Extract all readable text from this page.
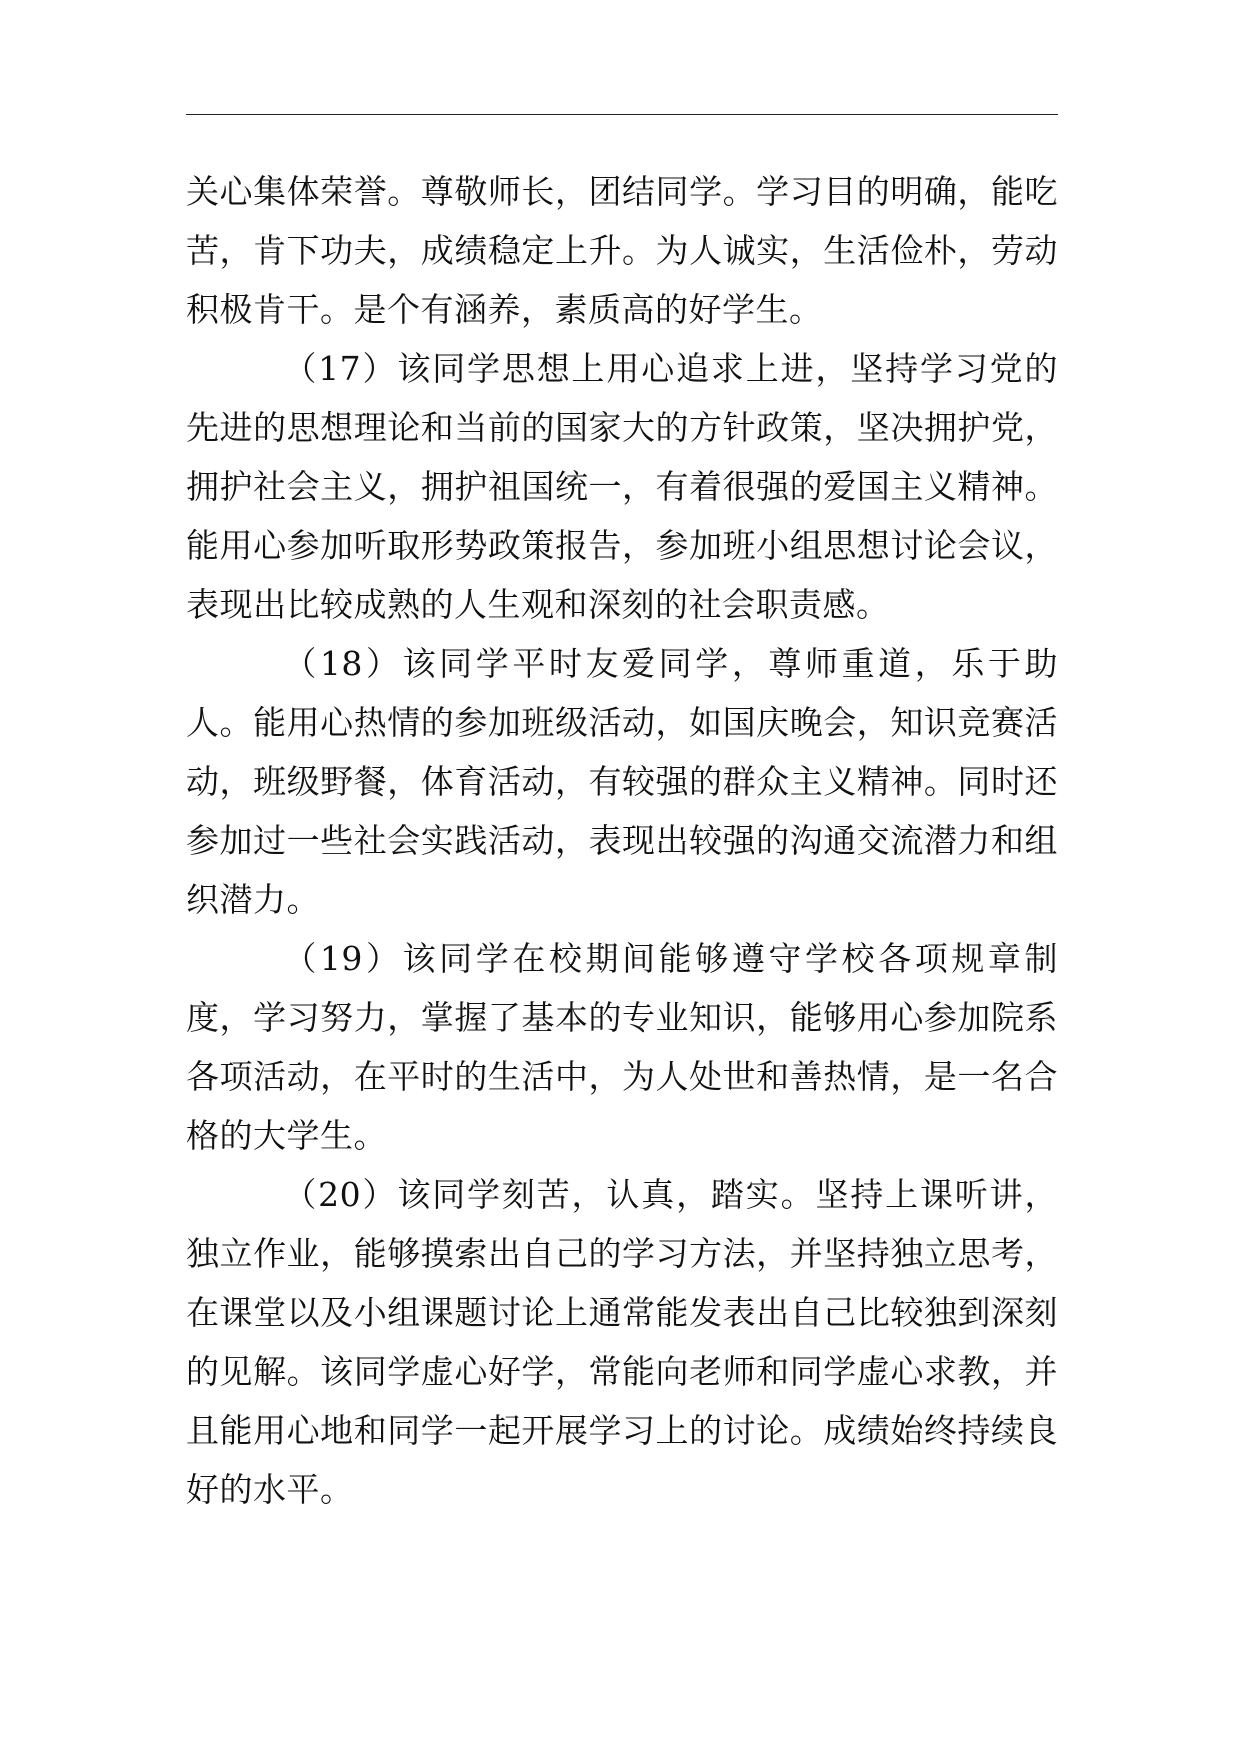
关心集体荣誉。尊敬师长，团结同学。学习目的明确，能吃苦，肯下功夫，成绩稳定上升。为人诚实，生活俭朴，劳动积极肯干。是个有涵养，素质高的好学生。

（17）该同学思想上用心追求上进，坚持学习党的先进的思想理论和当前的国家大的方针政策，坚决拥护党，拥护社会主义，拥护祖国统一，有着很强的爱国主义精神。能用心参加听取形势政策报告，参加班小组思想讨论会议，表现出比较成熟的人生观和深刻的社会职责感。

（18）该同学平时友爱同学，尊师重道，乐于助人。能用心热情的参加班级活动，如国庆晚会，知识竞赛活动，班级野餐，体育活动，有较强的群众主义精神。同时还参加过一些社会实践活动，表现出较强的沟通交流潜力和组织潜力。

（19）该同学在校期间能够遵守学校各项规章制度，学习努力，掌握了基本的专业知识，能够用心参加院系各项活动，在平时的生活中，为人处世和善热情，是一名合格的大学生。

（20）该同学刻苦，认真，踏实。坚持上课听讲，独立作业，能够摸索出自己的学习方法，并坚持独立思考，在课堂以及小组课题讨论上通常能发表出自己比较独到深刻的见解。该同学虚心好学，常能向老师和同学虚心求教，并且能用心地和同学一起开展学习上的讨论。成绩始终持续良好的水平。
